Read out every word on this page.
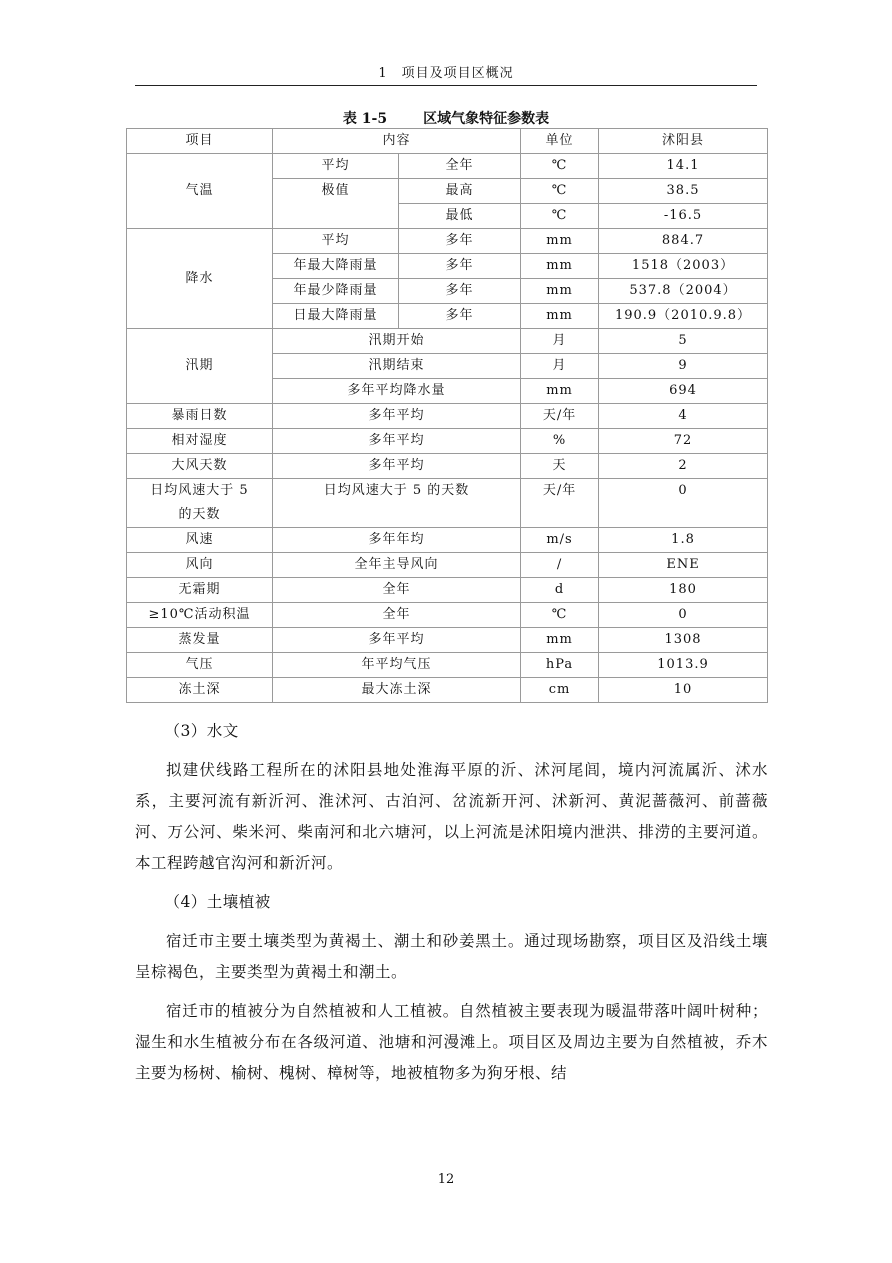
1　项目及项目区概况
表 1-5	区域气象特征参数表
项目	内容		单位	沭阳县
气温	平均	全年	℃	14.1
	极值	最高	℃	38.5
		最低	℃	-16.5
降水	平均	多年	mm	884.7
	年最大降雨量	多年	mm	1518（2003）
	年最少降雨量	多年	mm	537.8（2004）
	日最大降雨量	多年	mm	190.9（2010.9.8）
汛期	汛期开始		月	5
	汛期结束		月	9
	多年平均降水量		mm	694
暴雨日数	多年平均		天/年	4
相对湿度	多年平均		%	72
大风天数	多年平均		天	2
日均风速大于 5 的天数	日均风速大于 5 的天数		天/年	0
风速	多年年均		m/s	1.8
风向	全年主导风向		/	ENE
无霜期	全年		d	180
≥10℃活动积温	全年		℃	0
蒸发量	多年平均		mm	1308
气压	年平均气压		hPa	1013.9
冻土深	最大冻土深		cm	10

（3）水文

拟建伏线路工程所在的沭阳县地处淮海平原的沂、沭河尾闾，境内河流属沂、沭水系，主要河流有新沂河、淮沭河、古泊河、岔流新开河、沭新河、黄泥蔷薇河、前蔷薇河、万公河、柴米河、柴南河和北六塘河，以上河流是沭阳境内泄洪、排涝的主要河道。本工程跨越官沟河和新沂河。

（4）土壤植被

宿迁市主要土壤类型为黄褐土、潮土和砂姜黑土。通过现场勘察，项目区及沿线土壤呈棕褐色，主要类型为黄褐土和潮土。

宿迁市的植被分为自然植被和人工植被。自然植被主要表现为暖温带落叶阔叶树种；湿生和水生植被分布在各级河道、池塘和河漫滩上。项目区及周边主要为自然植被，乔木主要为杨树、榆树、槐树、樟树等，地被植物多为狗牙根、结

12
